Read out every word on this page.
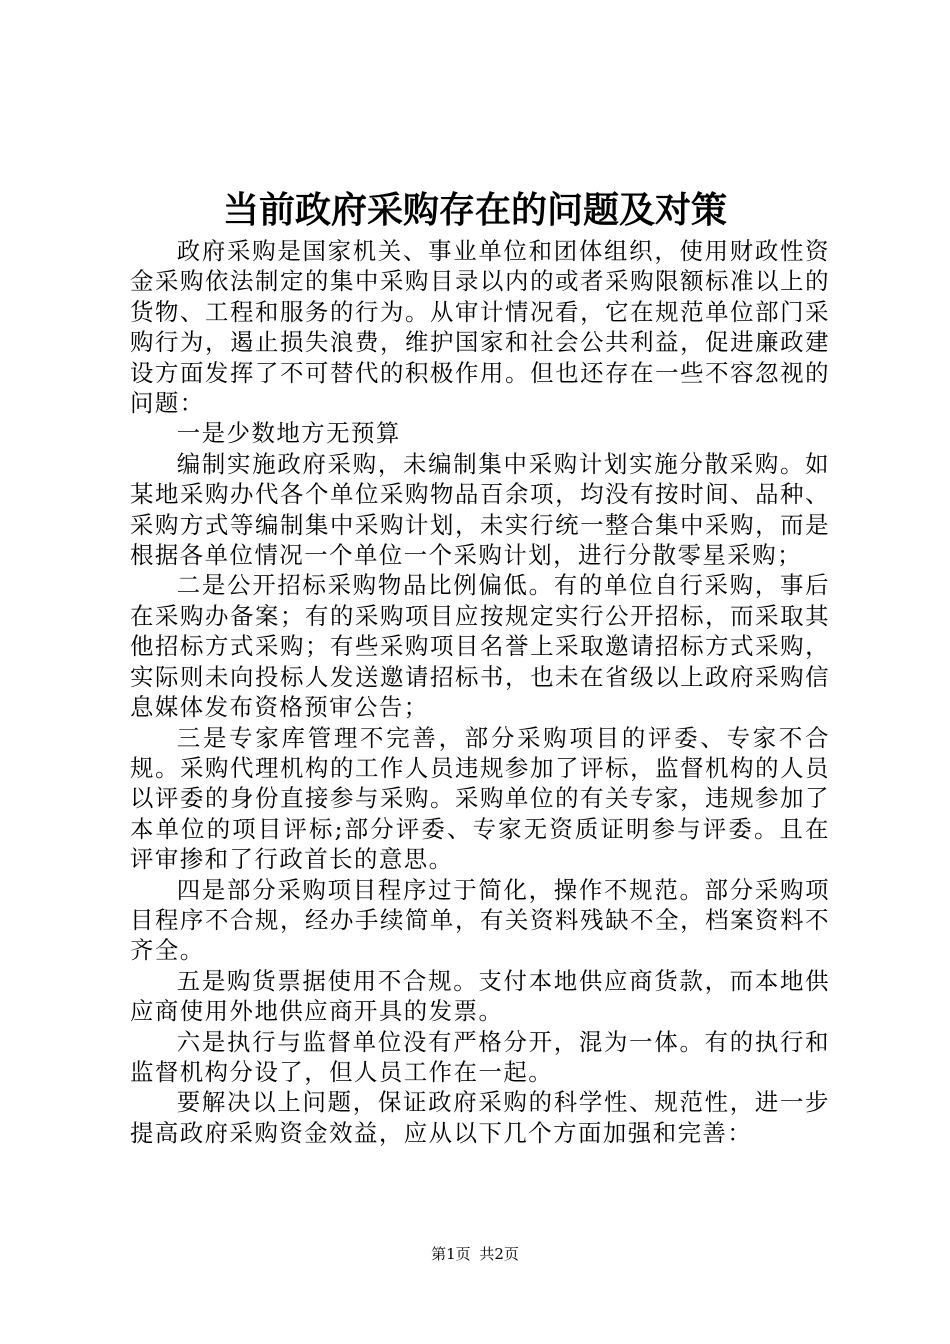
当前政府采购存在的问题及对策

政府采购是国家机关、事业单位和团体组织，使用财政性资金采购依法制定的集中采购目录以内的或者采购限额标准以上的货物、工程和服务的行为。从审计情况看，它在规范单位部门采购行为，遏止损失浪费，维护国家和社会公共利益，促进廉政建设方面发挥了不可替代的积极作用。但也还存在一些不容忽视的问题：

一是少数地方无预算

编制实施政府采购，未编制集中采购计划实施分散采购。如某地采购办代各个单位采购物品百余项，均没有按时间、品种、采购方式等编制集中采购计划，未实行统一整合集中采购，而是根据各单位情况一个单位一个采购计划，进行分散零星采购；

二是公开招标采购物品比例偏低。有的单位自行采购，事后在采购办备案；有的采购项目应按规定实行公开招标，而采取其他招标方式采购；有些采购项目名誉上采取邀请招标方式采购，实际则未向投标人发送邀请招标书，也未在省级以上政府采购信息媒体发布资格预审公告；

三是专家库管理不完善，部分采购项目的评委、专家不合规。采购代理机构的工作人员违规参加了评标，监督机构的人员以评委的身份直接参与采购。采购单位的有关专家，违规参加了本单位的项目评标;部分评委、专家无资质证明参与评委。且在评审掺和了行政首长的意思。

四是部分采购项目程序过于简化，操作不规范。部分采购项目程序不合规，经办手续简单，有关资料残缺不全，档案资料不齐全。

五是购货票据使用不合规。支付本地供应商货款，而本地供应商使用外地供应商开具的发票。

六是执行与监督单位没有严格分开，混为一体。有的执行和监督机构分设了，但人员工作在一起。

要解决以上问题，保证政府采购的科学性、规范性，进一步提高政府采购资金效益，应从以下几个方面加强和完善：

第1页 共2页
